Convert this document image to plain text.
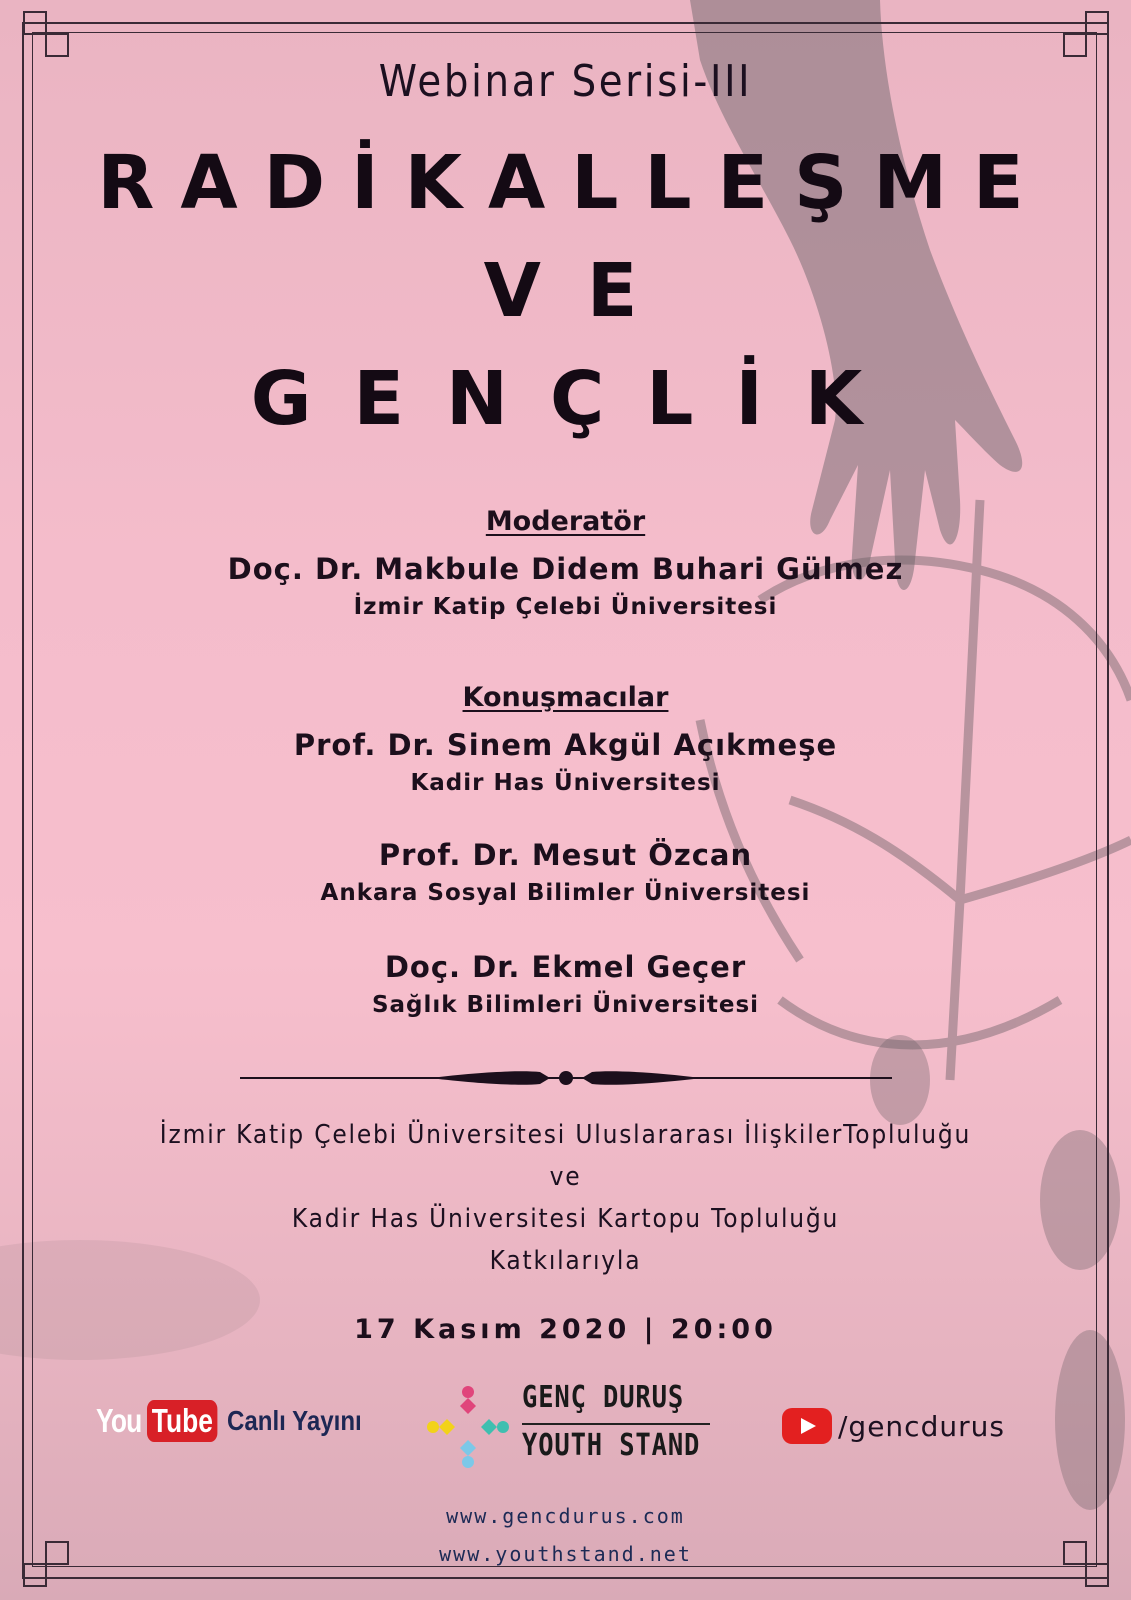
Webinar Serisi-III
RADİKALLEŞME
VE
GENÇLİK
Moderatör
Doç. Dr. Makbule Didem Buhari Gülmez
İzmir Katip Çelebi Üniversitesi
Konuşmacılar
Prof. Dr. Sinem Akgül Açıkmeşe
Kadir Has Üniversitesi
Prof. Dr. Mesut Özcan
Ankara Sosyal Bilimler Üniversitesi
Doç. Dr. Ekmel Geçer
Sağlık Bilimleri Üniversitesi
İzmir Katip Çelebi Üniversitesi Uluslararası İlişkilerTopluluğu
ve
Kadir Has Üniversitesi Kartopu Topluluğu
Katkılarıyla
17 Kasım 2020 | 20:00
You Tube Canlı Yayını
GENÇ DURUŞ
YOUTH STAND
/gencdurus
www.gencdurus.com
www.youthstand.net
